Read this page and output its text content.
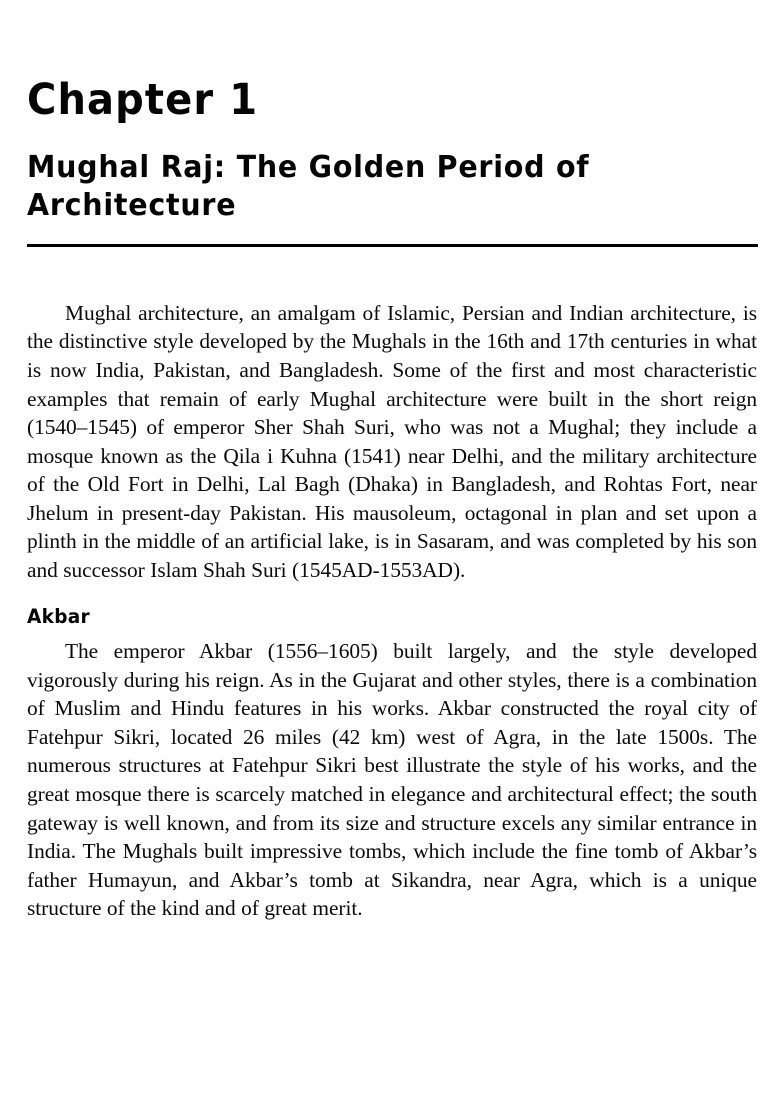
Chapter 1
Mughal Raj: The Golden Period of
Architecture

Mughal architecture, an amalgam of Islamic, Persian and Indian architecture, is the distinctive style developed by the Mughals in the 16th and 17th centuries in what is now India, Pakistan, and Bangladesh. Some of the first and most characteristic examples that remain of early Mughal architecture were built in the short reign (1540–1545) of emperor Sher Shah Suri, who was not a Mughal; they include a mosque known as the Qila i Kuhna (1541) near Delhi, and the military architecture of the Old Fort in Delhi, Lal Bagh (Dhaka) in Bangladesh, and Rohtas Fort, near Jhelum in present-day Pakistan. His mausoleum, octagonal in plan and set upon a plinth in the middle of an artificial lake, is in Sasaram, and was completed by his son and successor Islam Shah Suri (1545AD-1553AD).

Akbar

The emperor Akbar (1556–1605) built largely, and the style developed vigorously during his reign. As in the Gujarat and other styles, there is a combination of Muslim and Hindu features in his works. Akbar constructed the royal city of Fatehpur Sikri, located 26 miles (42 km) west of Agra, in the late 1500s. The numerous structures at Fatehpur Sikri best illustrate the style of his works, and the great mosque there is scarcely matched in elegance and architectural effect; the south gateway is well known, and from its size and structure excels any similar entrance in India. The Mughals built impressive tombs, which include the fine tomb of Akbar’s father Humayun, and Akbar’s tomb at Sikandra, near Agra, which is a unique structure of the kind and of great merit.
